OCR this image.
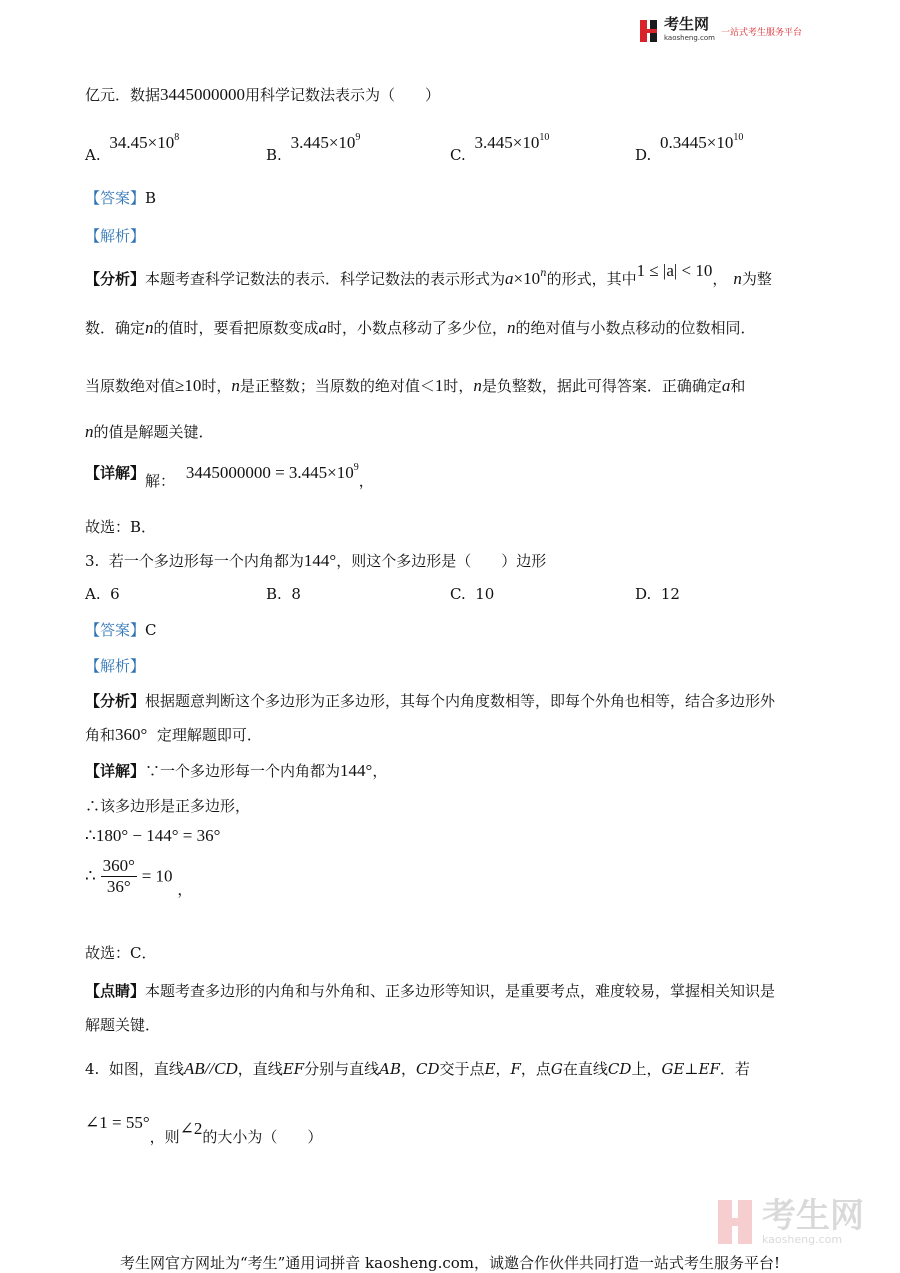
考生网
kaosheng.com
一站式考生服务平台
亿元．数据3445000000用科学记数法表示为（　　）
A. $34.45\times 10^8$
B. $3.445\times 10^9$
C. $3.445\times 10^{10}$
D. $0.3445\times 10^{10}$
【答案】B
【解析】
【分析】本题考查科学记数法的表示．科学记数法的表示形式为$a\times 10^n$的形式，其中1 ≤ |a| < 10， n为整
数．确定n的值时，要看把原数变成a时，小数点移动了多少位，n的绝对值与小数点移动的位数相同．
当原数绝对值≥10时，n是正整数；当原数的绝对值＜1时，n是负整数，据此可得答案．正确确定a和
n的值是解题关键．
【详解】解： $3445000000 = 3.445\times 10^9$，
故选：B．
3. 若一个多边形每一个内角都为144°，则这个多边形是（　　）边形
A. 6	B. 8	C. 10	D. 12
【答案】C
【解析】
【分析】根据题意判断这个多边形为正多边形，其每个内角度数相等，即每个外角也相等，结合多边形外
角和360° 定理解题即可．
【详解】∵一个多边形每一个内角都为144°，
∴该多边形是正多边形，
∴180° − 144° = 36°
∴ $\frac{360^\circ}{36^\circ} = 10$ ，
故选：C．
【点睛】本题考查多边形的内角和与外角和、正多边形等知识，是重要考点，难度较易，掌握相关知识是
解题关键．
4. 如图，直线AB//CD，直线EF分别与直线AB，CD交于点E，F，点G在直线CD上，GE⊥EF．若
∠1 = 55°，则∠2的大小为（　　）
考生网
kaosheng.com
考生网官方网址为“考生”通用词拼音 kaosheng.com，诚邀合作伙伴共同打造一站式考生服务平台!
